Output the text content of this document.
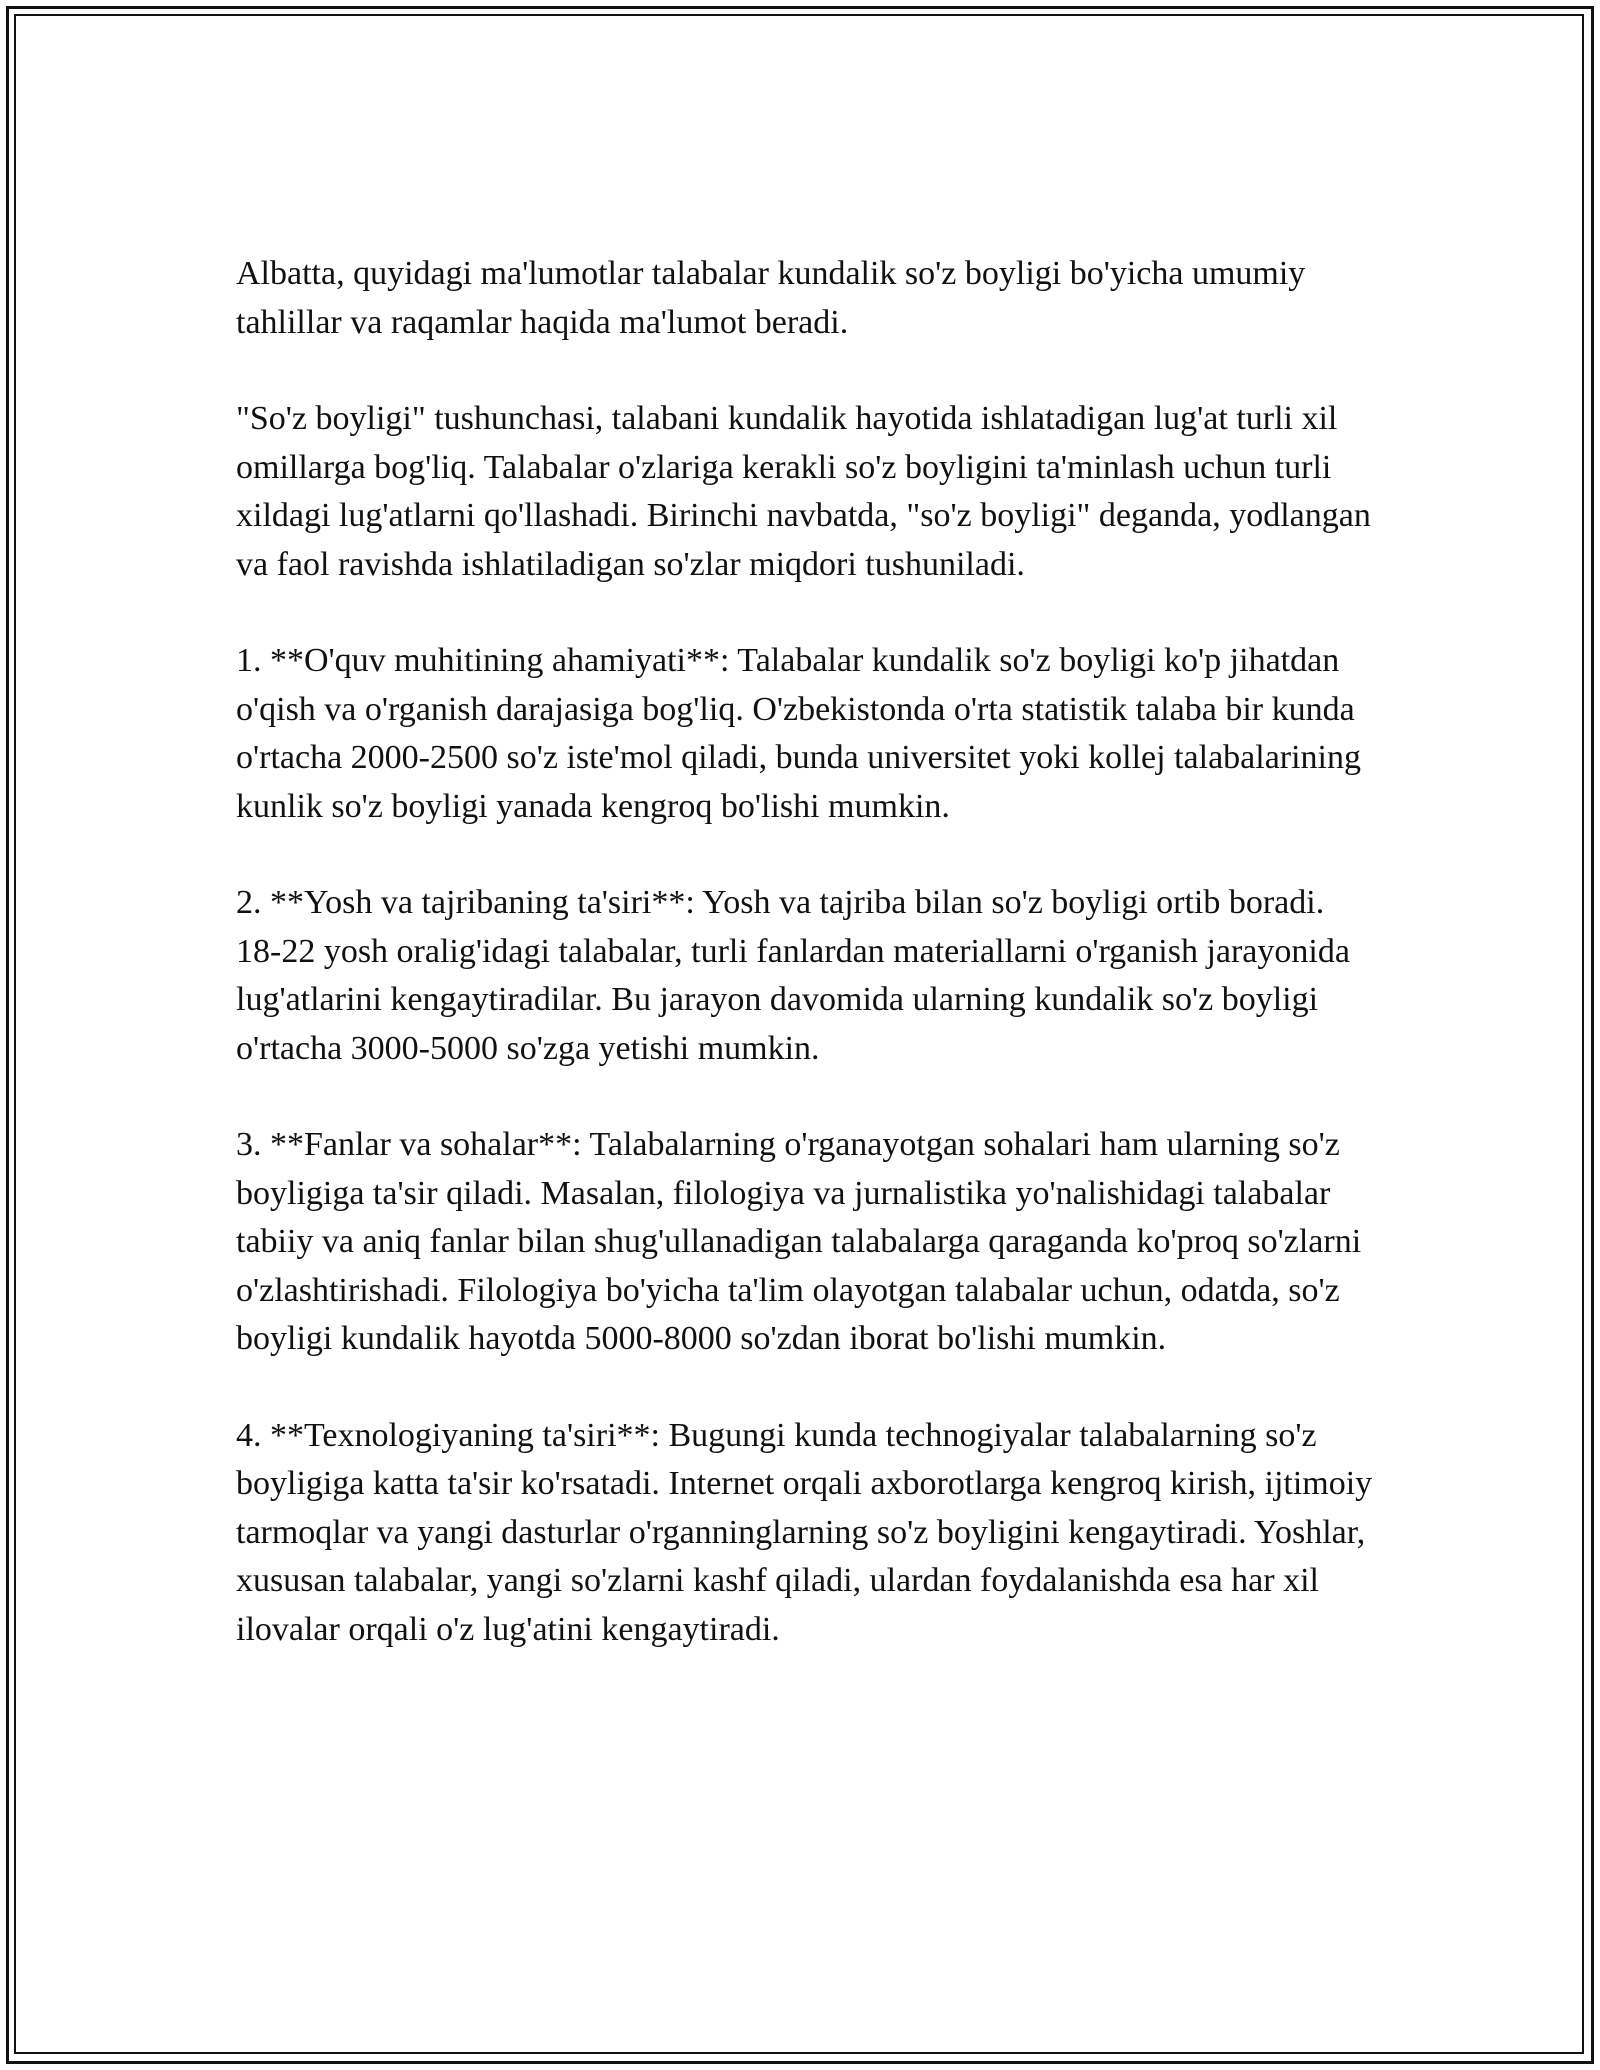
Albatta, quyidagi ma'lumotlar talabalar kundalik so'z boyligi bo'yicha umumiy tahlillar va raqamlar haqida ma'lumot beradi.

"So'z boyligi" tushunchasi, talabani kundalik hayotida ishlatadigan lug'at turli xil omillarga bog'liq. Talabalar o'zlariga kerakli so'z boyligini ta'minlash uchun turli xildagi lug'atlarni qo'llashadi. Birinchi navbatda, "so'z boyligi" deganda, yodlangan va faol ravishda ishlatiladigan so'zlar miqdori tushuniladi.

1. **O'quv muhitining ahamiyati**: Talabalar kundalik so'z boyligi ko'p jihatdan o'qish va o'rganish darajasiga bog'liq. O'zbekistonda o'rta statistik talaba bir kunda o'rtacha 2000-2500 so'z iste'mol qiladi, bunda universitet yoki kollej talabalarining kunlik so'z boyligi yanada kengroq bo'lishi mumkin.

2. **Yosh va tajribaning ta'siri**: Yosh va tajriba bilan so'z boyligi ortib boradi. 18-22 yosh oralig'idagi talabalar, turli fanlardan materiallarni o'rganish jarayonida lug'atlarini kengaytiradilar. Bu jarayon davomida ularning kundalik so'z boyligi o'rtacha 3000-5000 so'zga yetishi mumkin.

3. **Fanlar va sohalar**: Talabalarning o'rganayotgan sohalari ham ularning so'z boyligiga ta'sir qiladi. Masalan, filologiya va jurnalistika yo'nalishidagi talabalar tabiiy va aniq fanlar bilan shug'ullanadigan talabalarga qaraganda ko'proq so'zlarni o'zlashtirishadi. Filologiya bo'yicha ta'lim olayotgan talabalar uchun, odatda, so'z boyligi kundalik hayotda 5000-8000 so'zdan iborat bo'lishi mumkin.

4. **Texnologiyaning ta'siri**: Bugungi kunda technogiyalar talabalarning so'z boyligiga katta ta'sir ko'rsatadi. Internet orqali axborotlarga kengroq kirish, ijtimoiy tarmoqlar va yangi dasturlar o'rganninglarning so'z boyligini kengaytiradi. Yoshlar, xususan talabalar, yangi so'zlarni kashf qiladi, ulardan foydalanishda esa har xil ilovalar orqali o'z lug'atini kengaytiradi.
